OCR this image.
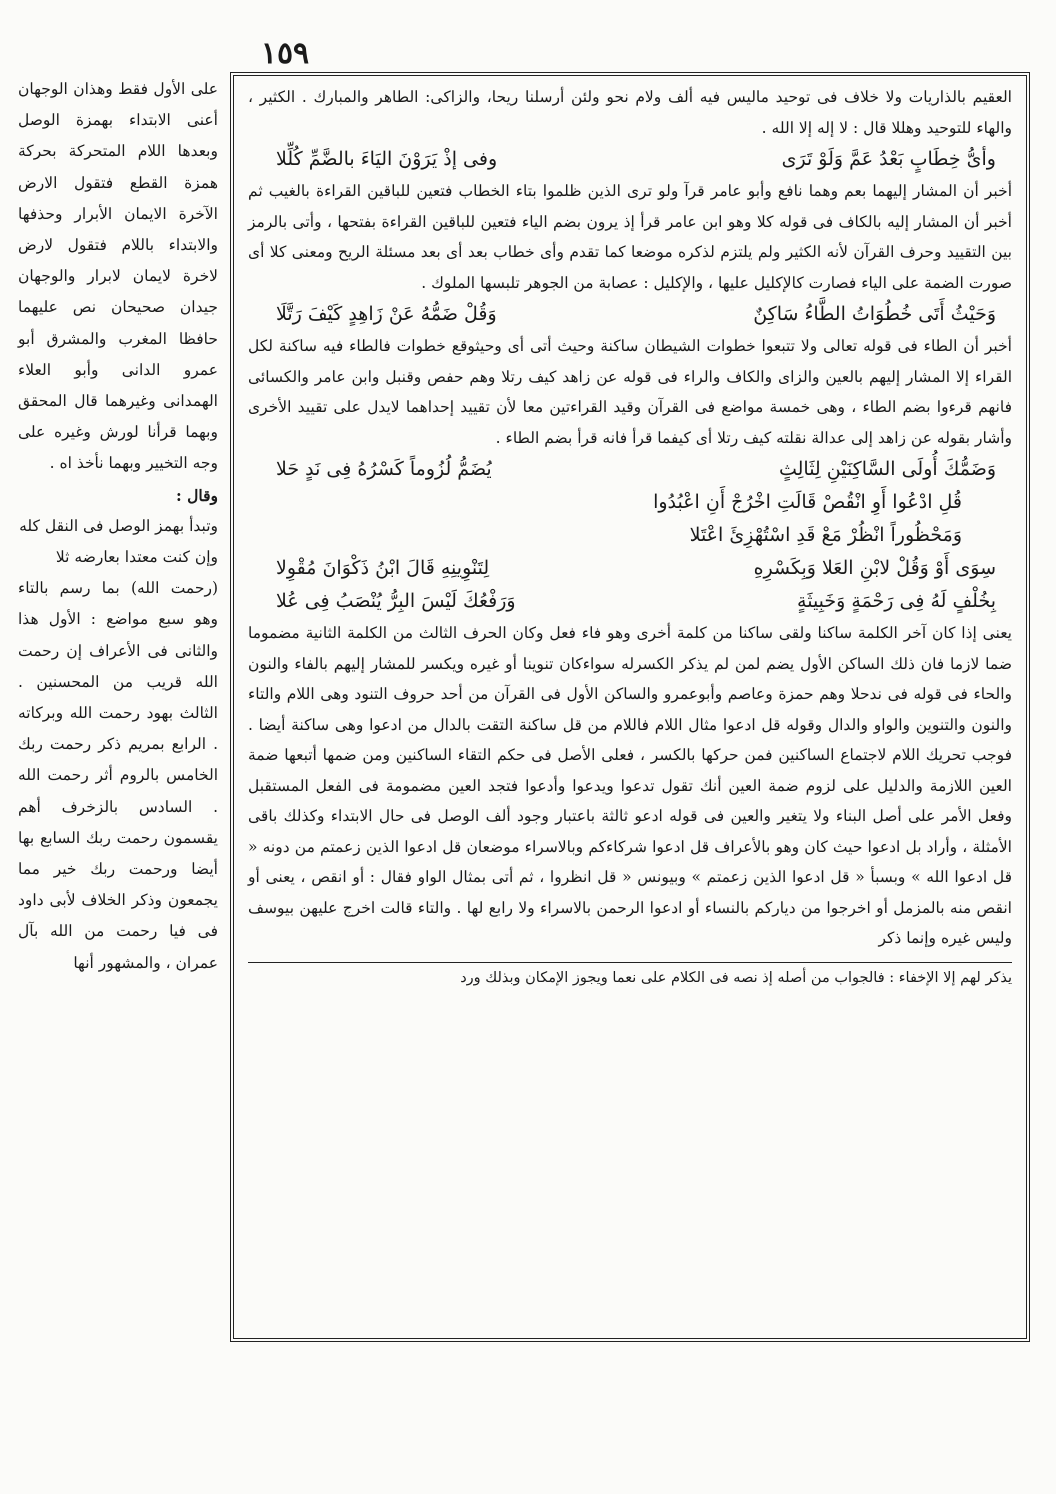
١٥٩

العقيم بالذاريات ولا خلاف فى توحيد ماليس فيه ألف ولام نحو ولئن أرسلنا ريحا، والزاكى: الطاهر والمبارك . الكثير ، والهاء للتوحيد وهللا قال : لا إله إلا الله .

وأىُّ خِطَابٍ بَعْدُ عَمَّ وَلَوْ تَرَى
وفى إذْ يَرَوْنَ اليَاءَ بالضَّمِّ كُلِّلا

أخبر أن المشار إليهما بعم وهما نافع وأبو عامر قرآ ولو ترى الذين ظلموا بتاء الخطاب فتعين للباقين القراءة بالغيب ثم أخبر أن المشار إليه بالكاف فى قوله كلا وهو ابن عامر قرأ إذ يرون بضم الياء فتعين للباقين القراءة بفتحها ، وأتى بالرمز بين التقييد وحرف القرآن لأنه الكثير ولم يلتزم لذكره موضعا كما تقدم وأى خطاب بعد أى بعد مسئلة الريح ومعنى كلا أى صورت الضمة على الياء فصارت كالإكليل عليها ، والإكليل : عصابة من الجوهر تلبسها الملوك .

وَحَيْثُ أَتَى خُطُوَاتُ الطَّاءُ سَاكِنٌ
وَقُلْ ضَمُّهُ عَنْ زَاهِدٍ كَيْفَ رَتَّلَا

أخبر أن الطاء فى قوله تعالى ولا تتبعوا خطوات الشيطان ساكنة وحيث أتى أى وحيثوقع خطوات فالطاء فيه ساكنة لكل القراء إلا المشار إليهم بالعين والزاى والكاف والراء فى قوله عن زاهد كيف رتلا وهم حفص وقنبل وابن عامر والكسائى فانهم قرءوا بضم الطاء ، وهى خمسة مواضع فى القرآن وقيد القراءتين معا لأن تقييد إحداهما لايدل على تقييد الأخرى وأشار بقوله عن زاهد إلى عدالة نقلته كيف رتلا أى كيفما قرأ فانه قرأ بضم الطاء .

وَضَمُّكَ أُولَى السَّاكِنَيْنِ لِثَالِثٍ
يُضَمُّ لُزُوماً كَسْرُهُ فِى نَدٍ حَلا
قُلِ ادْعُوا أَوِ انْقُصْ قَالَتِ اخْرُجْ أَنِ اعْبُدُوا
وَمَحْظُوراً انْظُرْ مَعْ قَدِ اسْتُهْزِئَ اعْتَلا
سِوَى أَوْ وَقُلْ لابْنِ العَلا وَبِكَسْرِهِ
لِتَنْوِينِهِ قَالَ ابْنُ ذَكْوَانَ مُقْوِلا
بِخُلْفٍ لَهُ فِى رَحْمَةٍ وَخَبِيثَةٍ
وَرَفْعُكَ لَيْسَ البِرُّ يُنْصَبُ فِى عُلا

يعنى إذا كان آخر الكلمة ساكنا ولقى ساكنا من كلمة أخرى وهو فاء فعل وكان الحرف الثالث من الكلمة الثانية مضموما ضما لازما فان ذلك الساكن الأول يضم لمن لم يذكر الكسرله سواءكان تنوينا أو غيره ويكسر للمشار إليهم بالفاء والنون والحاء فى قوله فى ندحلا وهم حمزة وعاصم وأبوعمرو والساكن الأول فى القرآن من أحد حروف التنود وهى اللام والتاء والنون والتنوين والواو والدال وقوله قل ادعوا مثال اللام فاللام من قل ساكنة التقت بالدال من ادعوا وهى ساكنة أيضا . فوجب تحريك اللام لاجتماع الساكنين فمن حركها بالكسر ، فعلى الأصل فى حكم التقاء الساكنين ومن ضمها أتبعها ضمة العين اللازمة والدليل على لزوم ضمة العين أنك تقول تدعوا ويدعوا وأدعوا فتجد العين مضمومة فى الفعل المستقبل وفعل الأمر على أصل البناء ولا يتغير والعين فى قوله ادعو ثالثة باعتبار وجود ألف الوصل فى حال الابتداء وكذلك باقى الأمثلة ، وأراد بل ادعوا حيث كان وهو بالأعراف قل ادعوا شركاءكم وبالاسراء موضعان قل ادعوا الذين زعمتم من دونه « قل ادعوا الله » وبسبأ « قل ادعوا الذين زعمتم » وبيونس « قل انظروا ، ثم أتى بمثال الواو فقال : أو انقص ، يعنى أو انقص منه بالمزمل أو اخرجوا من دياركم بالنساء أو ادعوا الرحمن بالاسراء ولا رابع لها . والتاء قالت اخرج عليهن بيوسف وليس غيره وإنما ذكر

يذكر لهم إلا الإخفاء : فالجواب من أصله إذ نصه فى الكلام على نعما ويجوز الإمكان وبذلك ورد

على الأول فقط وهذان الوجهان أعنى الابتداء بهمزة الوصل وبعدها اللام المتحركة بحركة همزة القطع فتقول الارض الآخرة الايمان الأبرار وحذفها والابتداء باللام فتقول لارض لاخرة لايمان لابرار والوجهان جيدان صحيحان نص عليهما حافظا المغرب والمشرق أبو عمرو الدانى وأبو العلاء الهمدانى وغيرهما قال المحقق وبهما قرأنا لورش وغيره على وجه التخيير وبهما نأخذ اه .

وقال :

وتبدأ بهمز الوصل فى النقل كله

وإن كنت معتدا بعارضه ثلا

(رحمت الله) بما رسم بالتاء وهو سبع مواضع : الأول هذا والثانى فى الأعراف إن رحمت الله قريب من المحسنين . الثالث بهود رحمت الله وبركاته . الرابع بمريم ذكر رحمت ربك الخامس بالروم أثر رحمت الله . السادس بالزخرف أهم يقسمون رحمت ربك السابع بها أيضا ورحمت ربك خير مما يجمعون وذكر الخلاف لأبى داود فى فيا رحمت من الله بآل عمران ، والمشهور أنها
